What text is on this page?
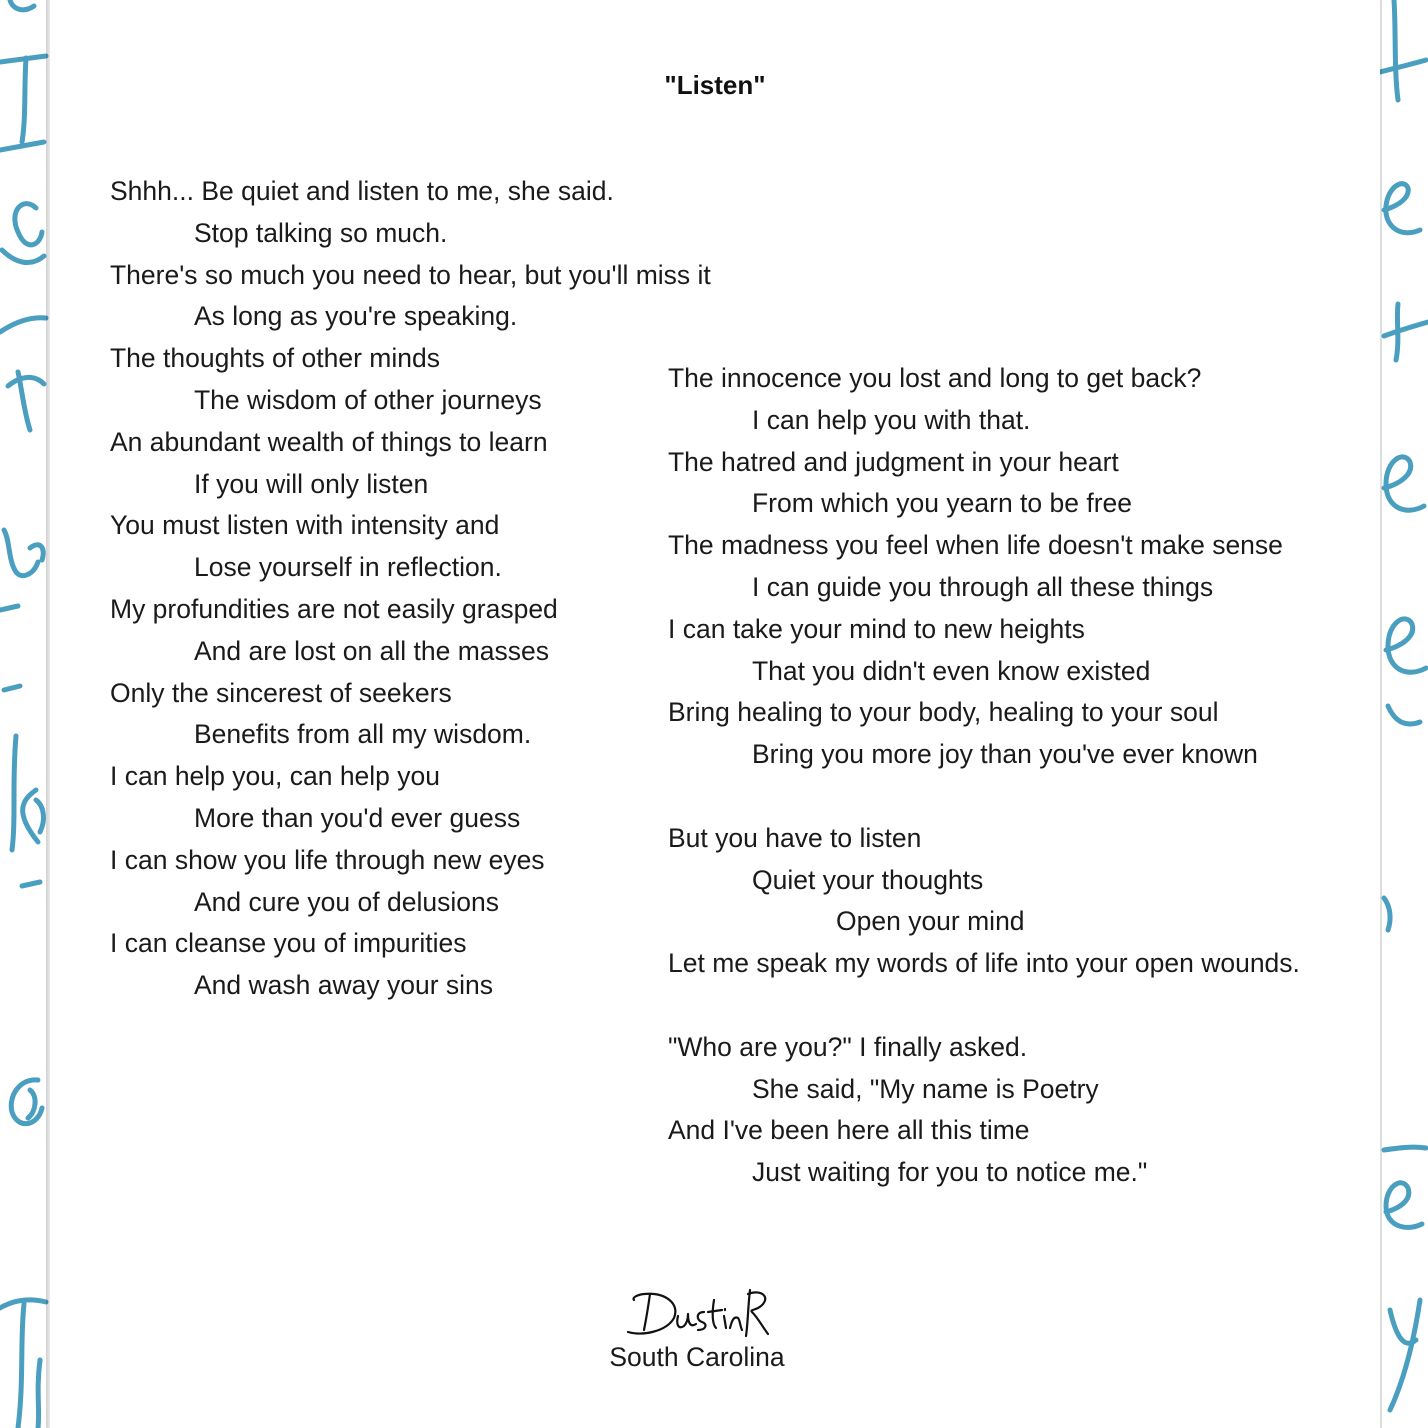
"Listen"
Shhh... Be quiet and listen to me, she said.
Stop talking so much.
There's so much you need to hear, but you'll miss it
As long as you're speaking.
The thoughts of other minds
The wisdom of other journeys
An abundant wealth of things to learn
If you will only listen
You must listen with intensity and
Lose yourself in reflection.
My profundities are not easily grasped
And are lost on all the masses
Only the sincerest of seekers
Benefits from all my wisdom.
I can help you, can help you
More than you'd ever guess
I can show you life through new eyes
And cure you of delusions
I can cleanse you of impurities
And wash away your sins
The innocence you lost and long to get back?
I can help you with that.
The hatred and judgment in your heart
From which you yearn to be free
The madness you feel when life doesn't make sense
I can guide you through all these things
I can take your mind to new heights
That you didn't even know existed
Bring healing to your body, healing to your soul
Bring you more joy than you've ever known
But you have to listen
Quiet your thoughts
Open your mind
Let me speak my words of life into your open wounds.
"Who are you?" I finally asked.
She said, "My name is Poetry
And I've been here all this time
Just waiting for you to notice me."
South Carolina
